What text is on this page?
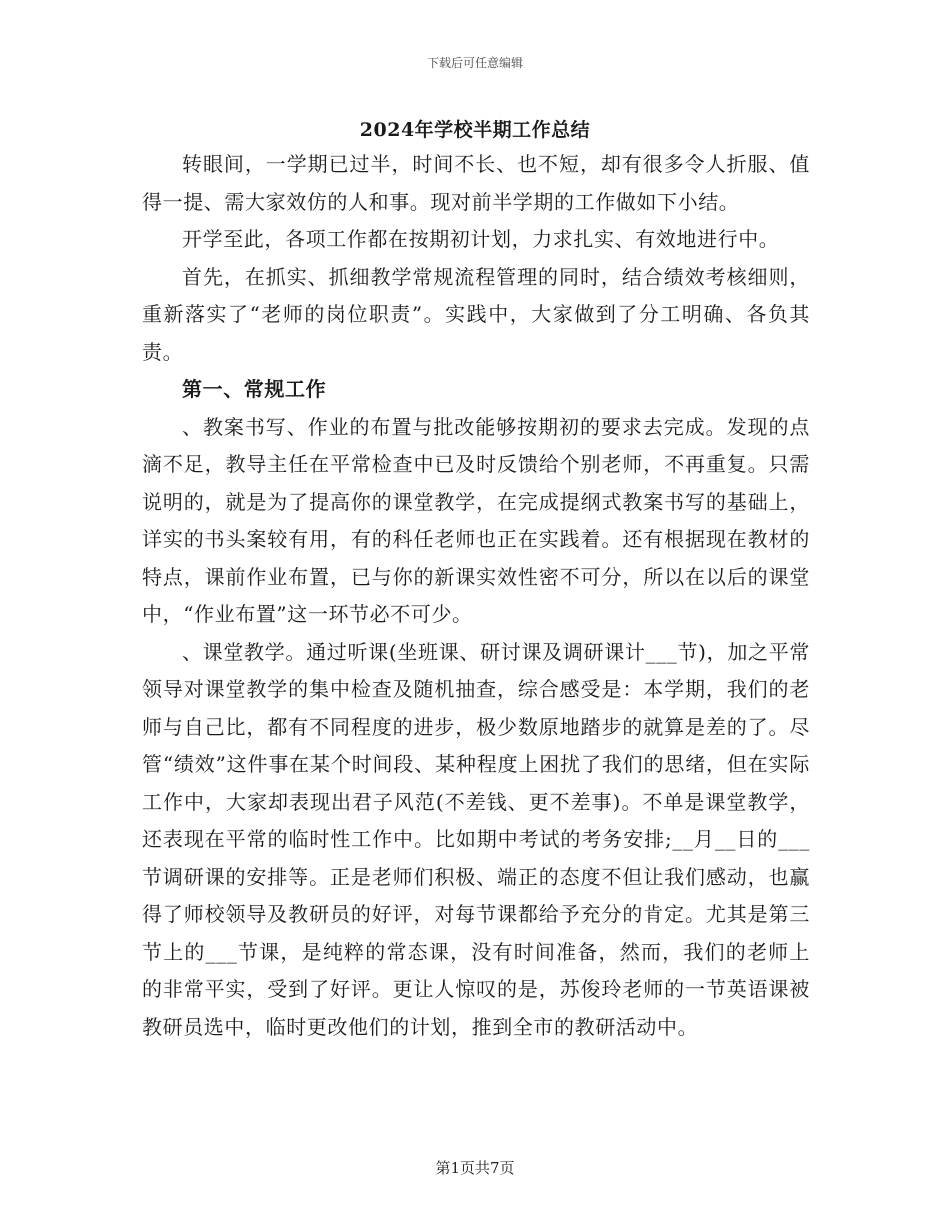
下载后可任意编辑
2024年学校半期工作总结

转眼间，一学期已过半，时间不长、也不短，却有很多令人折服、值得一提、需大家效仿的人和事。现对前半学期的工作做如下小结。

开学至此，各项工作都在按期初计划，力求扎实、有效地进行中。

首先，在抓实、抓细教学常规流程管理的同时，结合绩效考核细则，重新落实了“老师的岗位职责”。实践中，大家做到了分工明确、各负其责。

第一、常规工作

、教案书写、作业的布置与批改能够按期初的要求去完成。发现的点滴不足，教导主任在平常检查中已及时反馈给个别老师，不再重复。只需说明的，就是为了提高你的课堂教学，在完成提纲式教案书写的基础上，详实的书头案较有用，有的科任老师也正在实践着。还有根据现在教材的特点，课前作业布置，已与你的新课实效性密不可分，所以在以后的课堂中，“作业布置”这一环节必不可少。

、课堂教学。通过听课(坐班课、研讨课及调研课计___节)，加之平常领导对课堂教学的集中检查及随机抽查，综合感受是：本学期，我们的老师与自己比，都有不同程度的进步，极少数原地踏步的就算是差的了。尽管“绩效”这件事在某个时间段、某种程度上困扰了我们的思绪，但在实际工作中，大家却表现出君子风范(不差钱、更不差事)。不单是课堂教学，还表现在平常的临时性工作中。比如期中考试的考务安排;__月__日的___节调研课的安排等。正是老师们积极、端正的态度不但让我们感动，也赢得了师校领导及教研员的好评，对每节课都给予充分的肯定。尤其是第三节上的___节课，是纯粹的常态课，没有时间准备，然而，我们的老师上的非常平实，受到了好评。更让人惊叹的是，苏俊玲老师的一节英语课被教研员选中，临时更改他们的计划，推到全市的教研活动中。

第1页共7页
